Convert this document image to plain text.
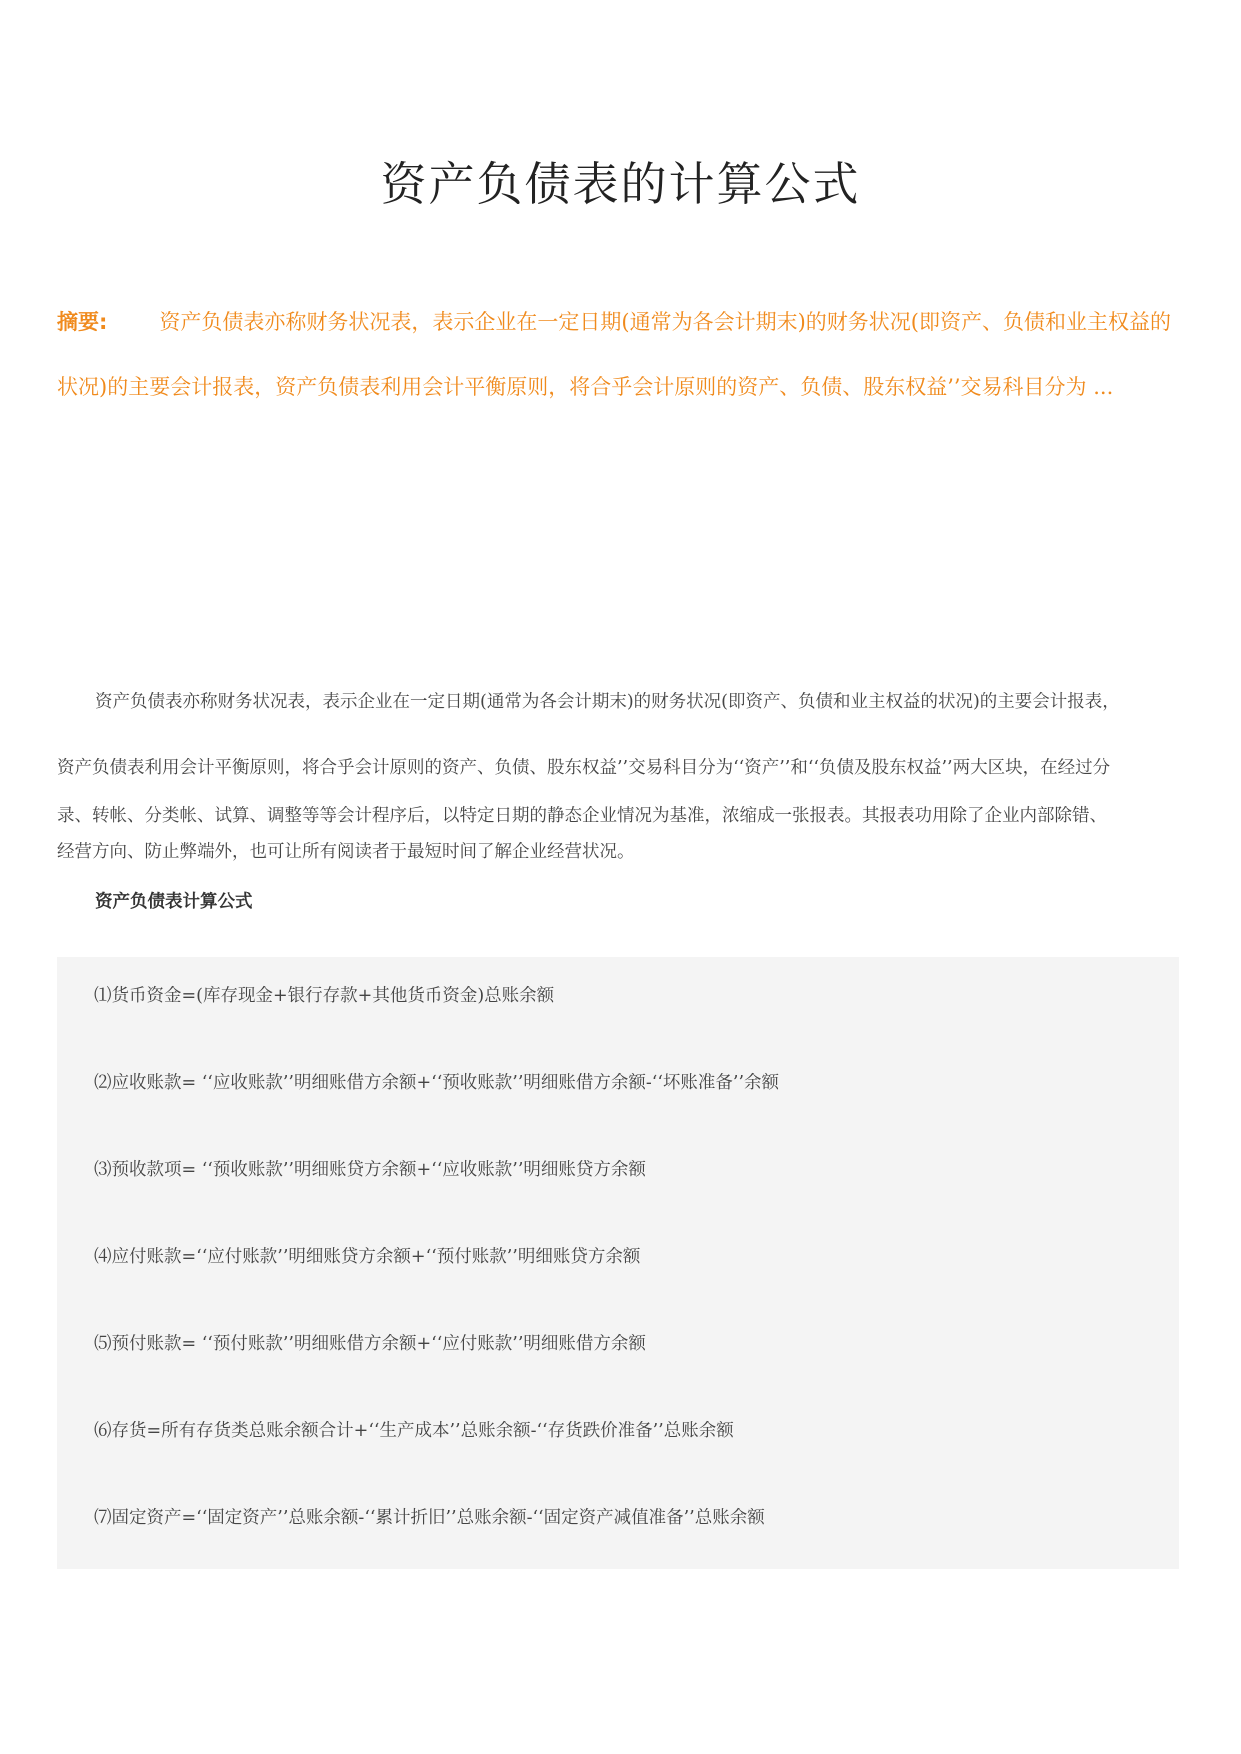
资产负债表的计算公式

摘要: 资产负债表亦称财务状况表，表示企业在一定日期(通常为各会计期末)的财务状况(即资产、负债和业主权益的状况)的主要会计报表，资产负债表利用会计平衡原则，将合乎会计原则的资产、负债、股东权益’’交易科目分为 ...

资产负债表亦称财务状况表，表示企业在一定日期(通常为各会计期末)的财务状况(即资产、负债和业主权益的状况)的主要会计报表，
资产负债表利用会计平衡原则，将合乎会计原则的资产、负债、股东权益’’交易科目分为‘‘资产’’和‘‘负债及股东权益’’两大区块，在经过分
录、转帐、分类帐、试算、调整等等会计程序后，以特定日期的静态企业情况为基准，浓缩成一张报表。其报表功用除了企业内部除错、
经营方向、防止弊端外，也可让所有阅读者于最短时间了解企业经营状况。

资产负债表计算公式

⑴货币资金=(库存现金+银行存款+其他货币资金)总账余额

⑵应收账款= ‘‘应收账款’’明细账借方余额+‘‘预收账款’’明细账借方余额-‘‘坏账准备’’余额

⑶预收款项= ‘‘预收账款’’明细账贷方余额+‘‘应收账款’’明细账贷方余额

⑷应付账款=‘‘应付账款’’明细账贷方余额+‘‘预付账款’’明细账贷方余额

⑸预付账款= ‘‘预付账款’’明细账借方余额+‘‘应付账款’’明细账借方余额

⑹存货=所有存货类总账余额合计+‘‘生产成本’’总账余额-‘‘存货跌价准备’’总账余额

⑺固定资产=‘‘固定资产’’总账余额-‘‘累计折旧’’总账余额-‘‘固定资产减值准备’’总账余额
